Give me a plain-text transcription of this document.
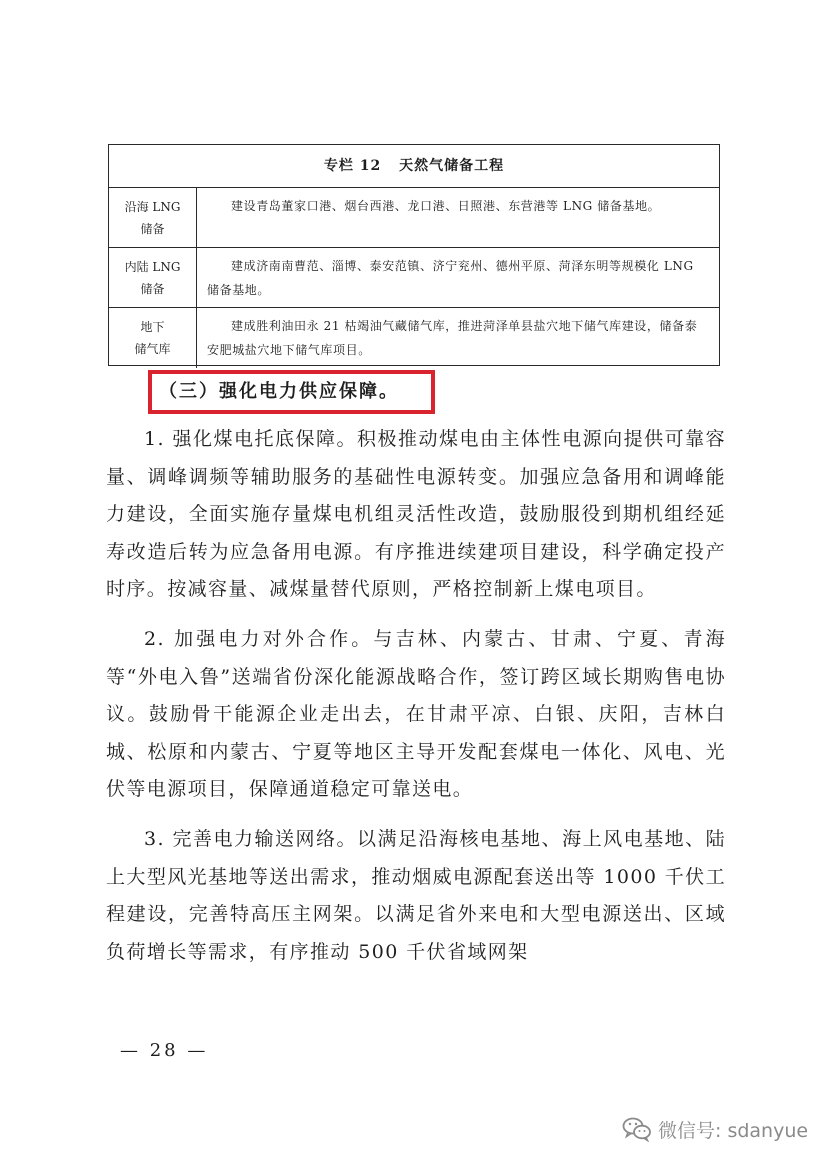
专栏 12 天然气储备工程
沿海 LNG
储备
建设青岛董家口港、烟台西港、龙口港、日照港、东营港等 LNG 储备基地。
内陆 LNG
储备
建成济南南曹范、淄博、泰安范镇、济宁兖州、德州平原、菏泽东明等规模化 LNG 储备基地。
地下
储气库
建成胜利油田永 21 枯竭油气藏储气库，推进菏泽单县盐穴地下储气库建设，储备泰安肥城盐穴地下储气库项目。
（三）强化电力供应保障。

1. 强化煤电托底保障。积极推动煤电由主体性电源向提供可靠容量、调峰调频等辅助服务的基础性电源转变。加强应急备用和调峰能力建设，全面实施存量煤电机组灵活性改造，鼓励服役到期机组经延寿改造后转为应急备用电源。有序推进续建项目建设，科学确定投产时序。按减容量、减煤量替代原则，严格控制新上煤电项目。

2. 加强电力对外合作。与吉林、内蒙古、甘肃、宁夏、青海等“外电入鲁”送端省份深化能源战略合作，签订跨区域长期购售电协议。鼓励骨干能源企业走出去，在甘肃平凉、白银、庆阳，吉林白城、松原和内蒙古、宁夏等地区主导开发配套煤电一体化、风电、光伏等电源项目，保障通道稳定可靠送电。

3. 完善电力输送网络。以满足沿海核电基地、海上风电基地、陆上大型风光基地等送出需求，推动烟威电源配套送出等 1000 千伏工程建设，完善特高压主网架。以满足省外来电和大型电源送出、区域负荷增长等需求，有序推动 500 千伏省域网架

— 28 —
微信号: sdanyue
